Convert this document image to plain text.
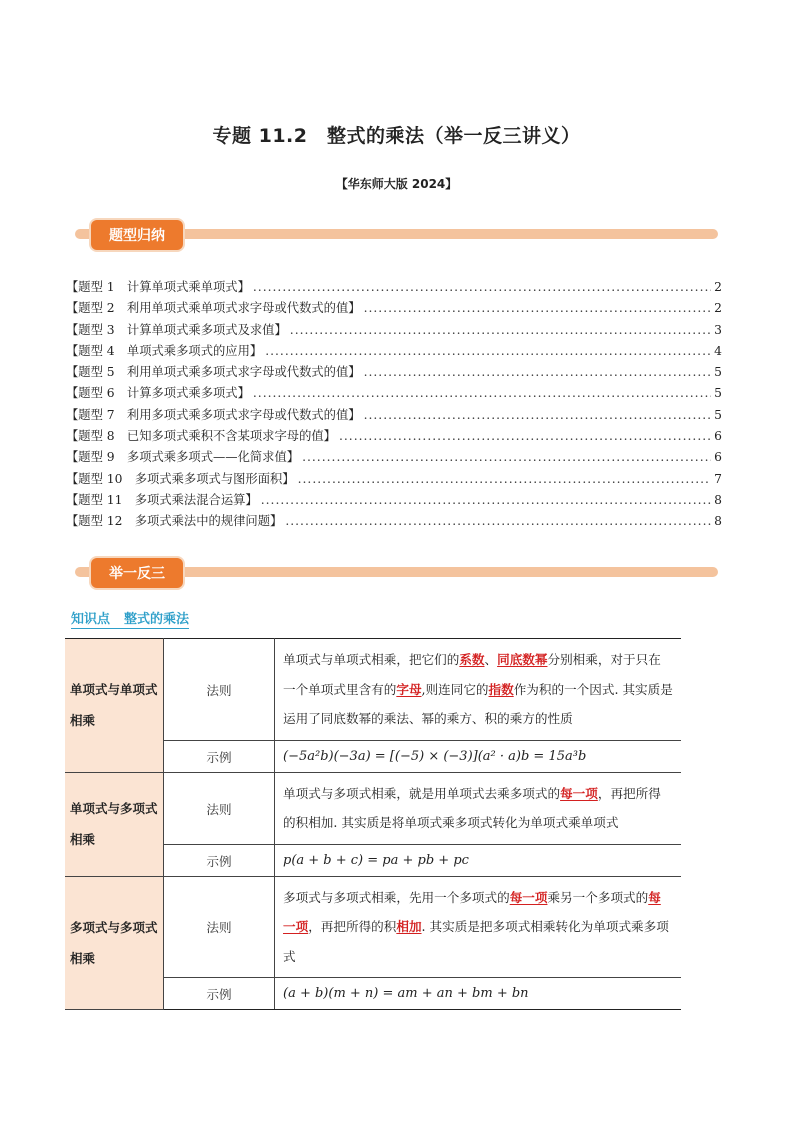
专题 11.2　整式的乘法（举一反三讲义）
【华东师大版 2024】
题型归纳
【题型 1　计算单项式乘单项式】 .....	2
【题型 2　利用单项式乘单项式求字母或代数式的值】 .....	2
【题型 3　计算单项式乘多项式及求值】 .....	3
【题型 4　单项式乘多项式的应用】 .....	4
【题型 5　利用单项式乘多项式求字母或代数式的值】 .....	5
【题型 6　计算多项式乘多项式】 .....	5
【题型 7　利用多项式乘多项式求字母或代数式的值】 .....	5
【题型 8　已知多项式乘积不含某项求字母的值】 .....	6
【题型 9　多项式乘多项式——化简求值】 .....	6
【题型 10　多项式乘多项式与图形面积】 .....	7
【题型 11　多项式乘法混合运算】 .....	8
【题型 12　多项式乘法中的规律问题】 .....	8
举一反三
知识点 整式的乘法
单项式与单项式相乘	法则	单项式与单项式相乘，把它们的系数、同底数幂分别相乘，对于只在一个单项式里含有的字母,则连同它的指数作为积的一个因式. 其实质是运用了同底数幂的乘法、幂的乘方、积的乘方的性质
	示例	(−5a²b)(−3a) = [(−5) × (−3)](a² · a)b = 15a³b
单项式与多项式相乘	法则	单项式与多项式相乘，就是用单项式去乘多项式的每一项，再把所得的积相加. 其实质是将单项式乘多项式转化为单项式乘单项式
	示例	p(a + b + c) = pa + pb + pc
多项式与多项式相乘	法则	多项式与多项式相乘，先用一个多项式的每一项乘另一个多项式的每一项，再把所得的积相加. 其实质是把多项式相乘转化为单项式乘多项式
	示例	(a + b)(m + n) = am + an + bm + bn
